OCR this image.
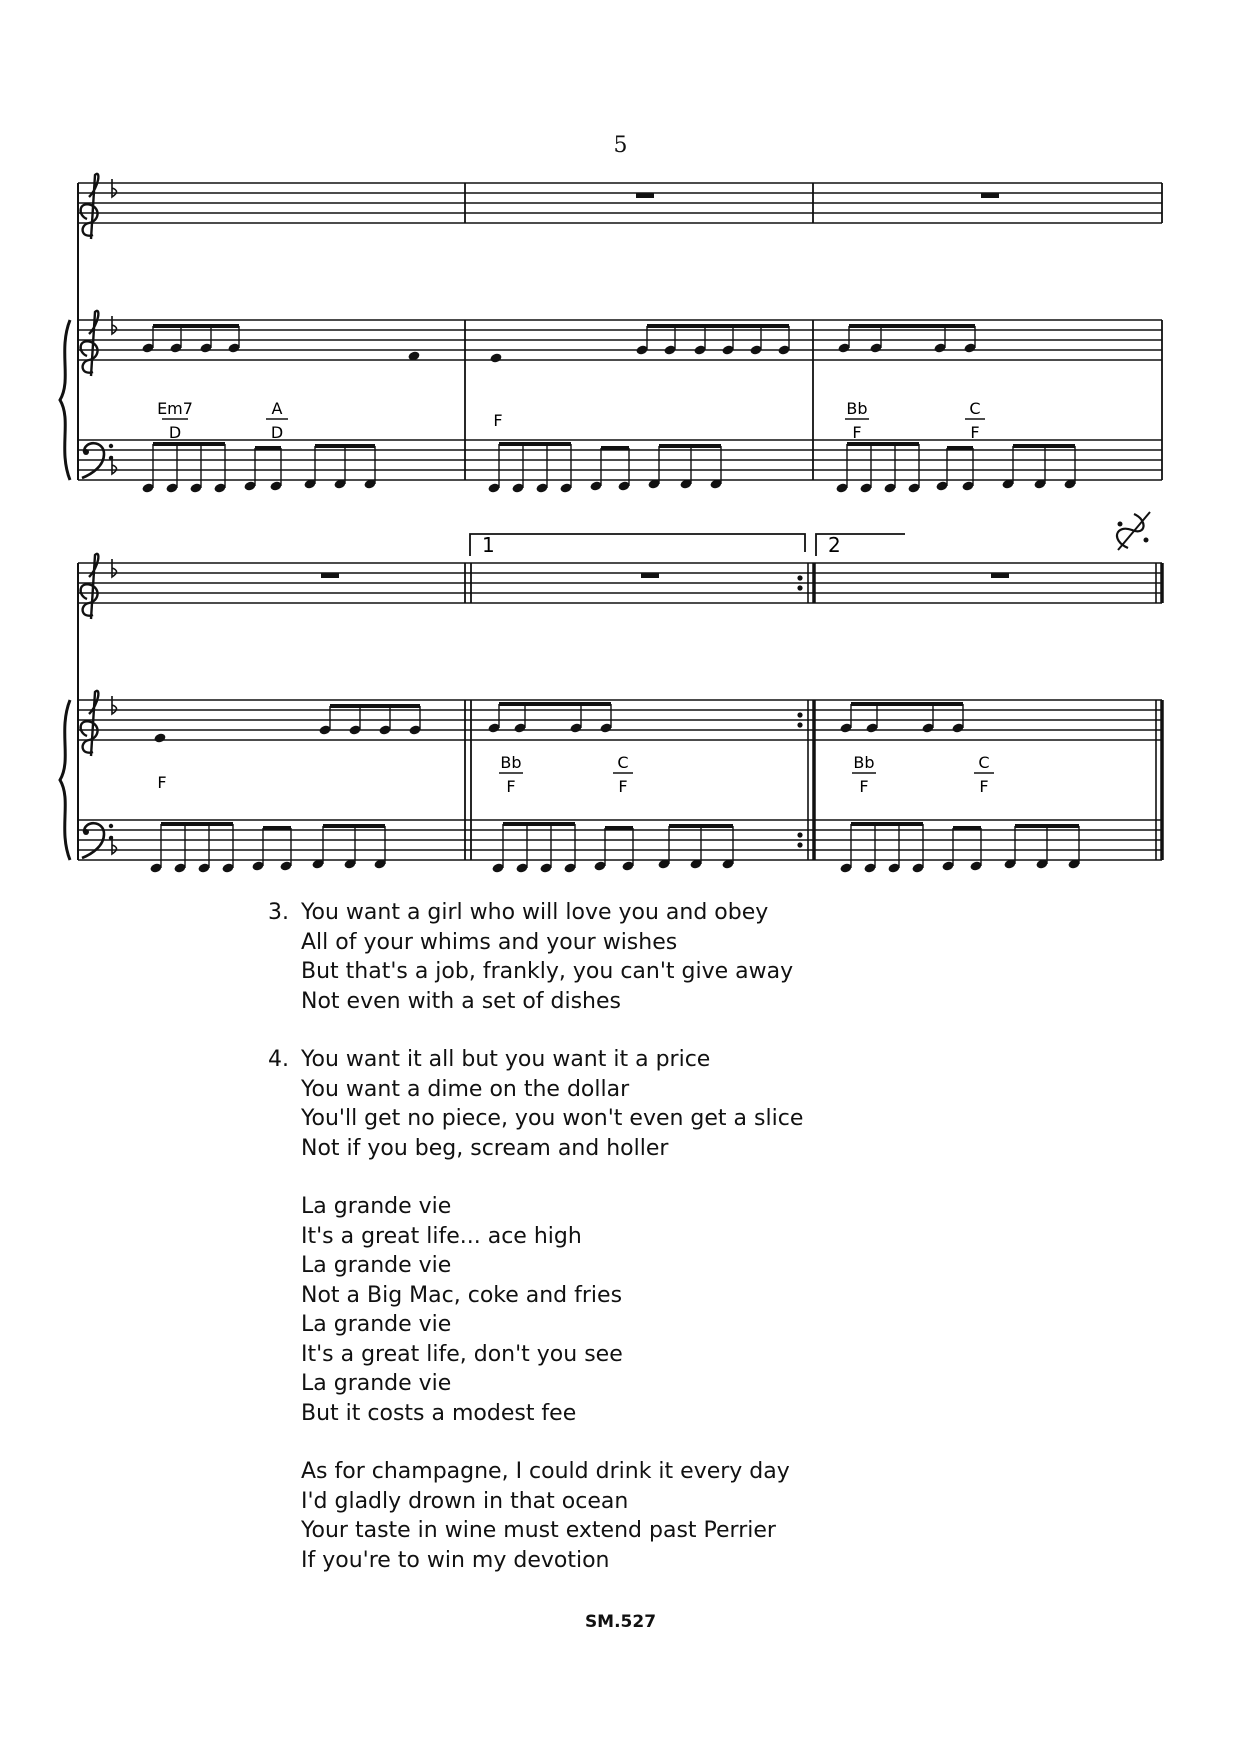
5
Em7
D
A
D
F
Bb
F
C
F
1	2
F
Bb
F
C
F
Bb
F
C
F
3. You want a girl who will love you and obey
All of your whims and your wishes
But that's a job, frankly, you can't give away
Not even with a set of dishes
4. You want it all but you want it a price
You want a dime on the dollar
You'll get no piece, you won't even get a slice
Not if you beg, scream and holler
La grande vie
It's a great life... ace high
La grande vie
Not a Big Mac, coke and fries
La grande vie
It's a great life, don't you see
La grande vie
But it costs a modest fee
As for champagne, I could drink it every day
I'd gladly drown in that ocean
Your taste in wine must extend past Perrier
If you're to win my devotion
SM.527
